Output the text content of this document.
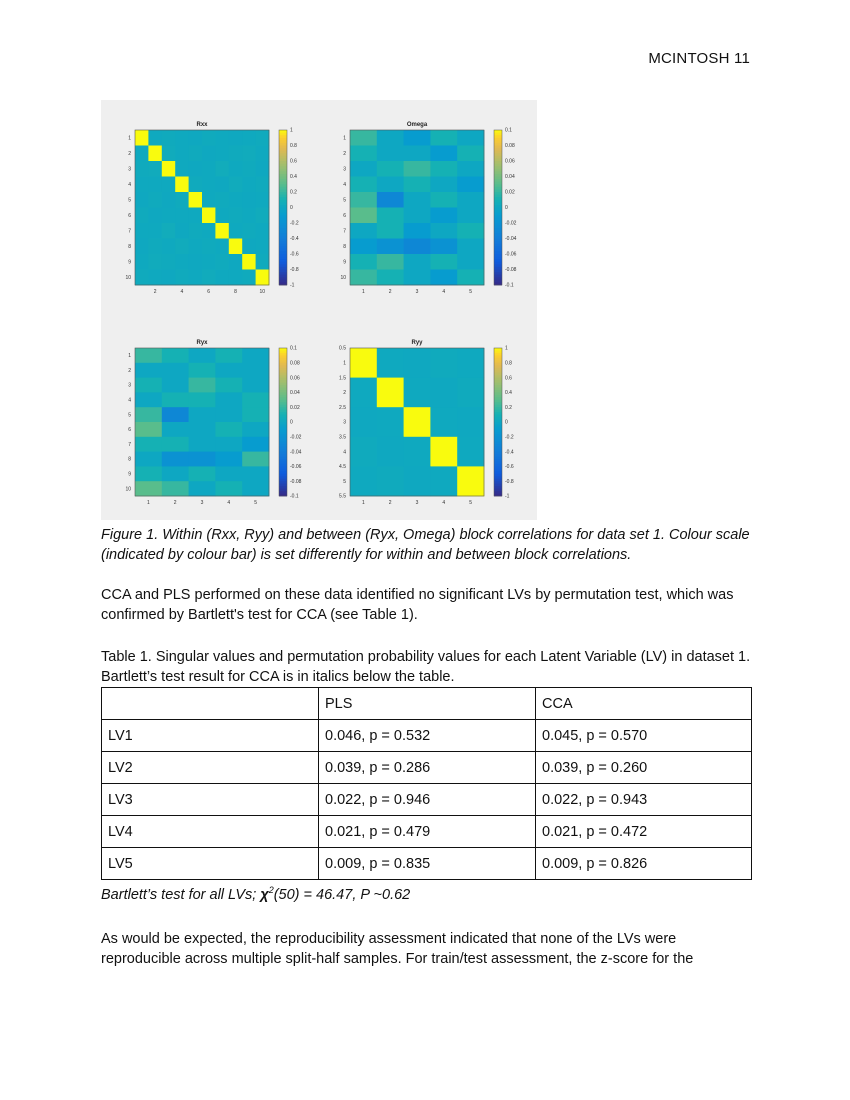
MCINTOSH 11
Rxx
1
2
3
4
5
6
7
8
9
10
2	4	6	8	10
1
0.8
0.6
0.4
0.2
0
-0.2
-0.4
-0.6
-0.8
-1
Omega
1
2
3
4
5
6
7
8
9
10
1	2	3	4	5
0.1
0.08
0.06
0.04
0.02
0
-0.02
-0.04
-0.06
-0.08
-0.1
Ryx
1
2
3
4
5
6
7
8
9
10
1	2	3	4	5
0.1
0.08
0.06
0.04
0.02
0
-0.02
-0.04
-0.06
-0.08
-0.1
Ryy
0.5
1
1.5
2
2.5
3
3.5
4
4.5
5
5.5
1	2	3	4	5
1
0.8
0.6
0.4
0.2
0
-0.2
-0.4
-0.6
-0.8
-1
Figure 1. Within (Rxx, Ryy) and between (Ryx, Omega) block correlations for data set 1. Colour scale (indicated by colour bar) is set differently for within and between block correlations.
CCA and PLS performed on these data identified no significant LVs by permutation test, which was confirmed by Bartlett's test for CCA (see Table 1).
Table 1. Singular values and permutation probability values for each Latent Variable (LV) in dataset 1. Bartlett’s test result for CCA is in italics below the table.
	PLS	CCA
LV1	0.046, p = 0.532	0.045, p = 0.570
LV2	0.039, p = 0.286	0.039, p = 0.260
LV3	0.022, p = 0.946	0.022, p = 0.943
LV4	0.021, p = 0.479	0.021, p = 0.472
LV5	0.009, p = 0.835	0.009, p = 0.826
Bartlett’s test for all LVs; $\chi^2(50) = 46.47$, P ~0.62
As would be expected, the reproducibility assessment indicated that none of the LVs were reproducible across multiple split-half samples. For train/test assessment, the z-score for the
